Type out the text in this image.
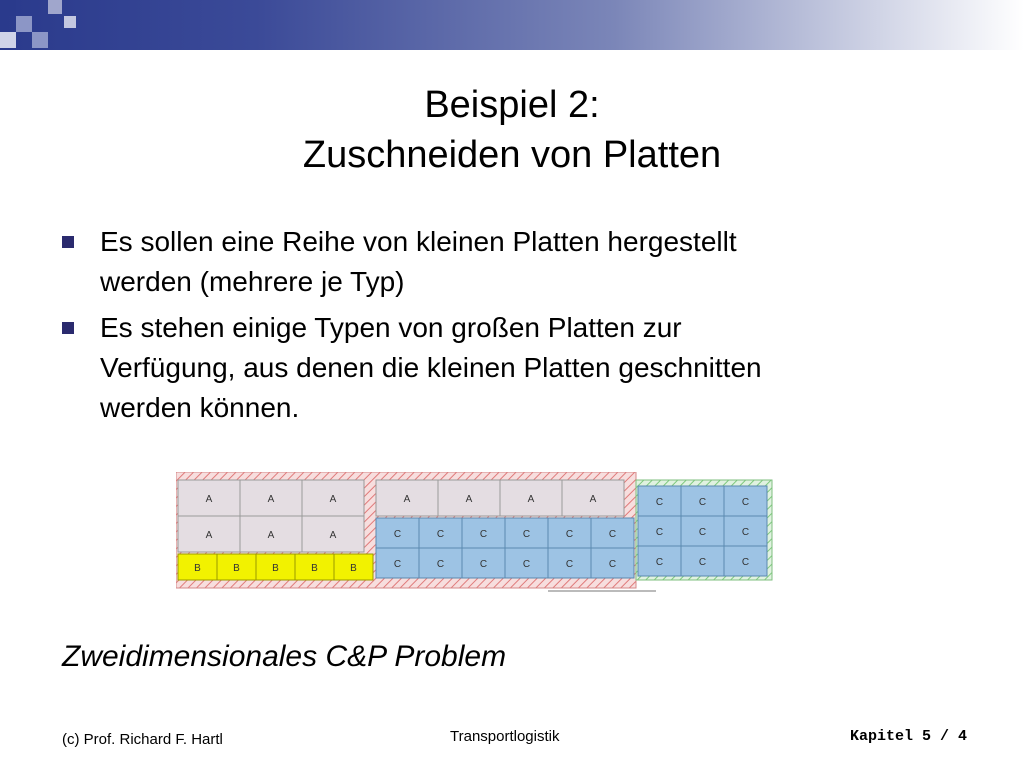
Beispiel 2:
Zuschneiden von Platten
Es sollen eine Reihe von kleinen Platten hergestellt
werden (mehrere je Typ)
Es stehen einige Typen von großen Platten zur
Verfügung, aus denen die kleinen Platten geschnitten
werden können.
A	A	A
A	A	A
B	B	B	B	B
A	A	A	A
C	C	C	C	C	C
C	C	C	C	C	C
C	C	C
C	C	C
C	C	C
Zweidimensionales C&P Problem
(c) Prof. Richard F. Hartl	Transportlogistik	Kapitel 5 / 4
